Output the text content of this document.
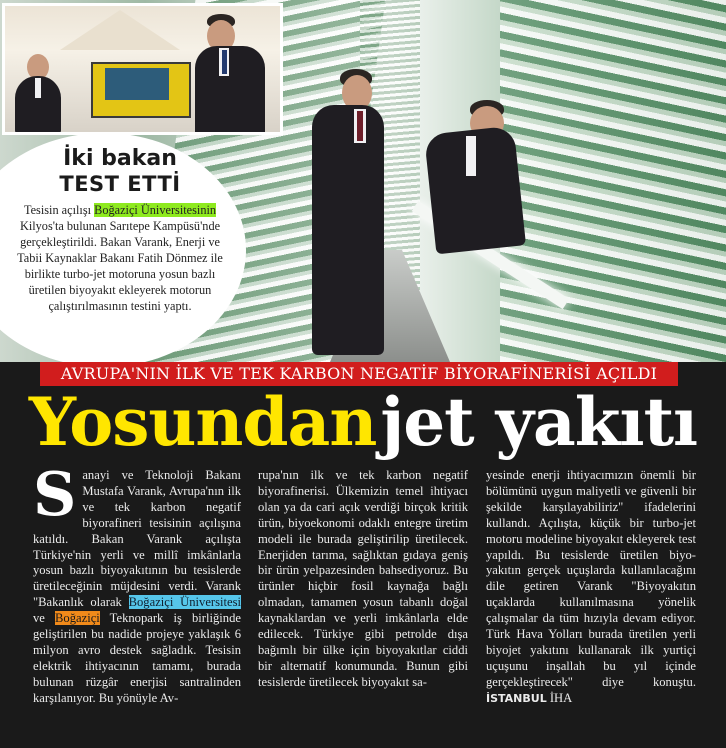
İki bakan
TEST ETTİ
Tesisin açılışı Boğaziçi Üniversitesinin Kilyos'ta bulunan Sarıtepe Kampüsü'nde gerçekleştirildi. Bakan Varank, Enerji ve Tabii Kaynaklar Bakanı Fatih Dönmez ile birlikte turbo-jet motoruna yosun bazlı üretilen biyoyakıt ekleyerek motorun çalıştırılmasının testini yaptı.
AVRUPA'NIN İLK VE TEK KARBON NEGATİF BİYORAFİNERİSİ AÇILDI
Yosundan jet yakıtı

Sanayi ve Teknoloji Bakanı Mustafa Varank, Avrupa'nın ilk ve tek karbon negatif biyorafineri tesisinin açılışına katıldı. Bakan Varank açılışta Türkiye'nin yerli ve millî imkânlarla yosun bazlı biyoyakıtının bu tesislerde üretileceğinin müjdesini verdi. Varank "Bakanlık olarak Boğaziçi Üniversitesi ve Boğaziçi Teknopark iş birliğinde geliştirilen bu nadide projeye yaklaşık 6 milyon avro destek sağladık. Tesisin elektrik ihtiyacının tamamı, burada bulunan rüzgâr enerjisi santralinden karşılanıyor. Bu yönüyle Av-

rupa'nın ilk ve tek karbon negatif biyorafinerisi. Ülkemizin temel ihtiyacı olan ya da cari açık verdiği birçok kritik ürün, biyoekonomi odaklı entegre üretim modeli ile burada geliştirilip üretilecek. Enerjiden tarıma, sağlıktan gıdaya geniş bir ürün yelpazesinden bahsediyoruz. Bu ürünler hiçbir fosil kaynağa bağlı olmadan, tamamen yosun tabanlı doğal kaynaklardan ve yerli imkânlarla elde edilecek. Türkiye gibi petrolde dışa bağımlı bir ülke için biyoyakıtlar ciddi bir alternatif konumunda. Bunun gibi tesislerde üretilecek biyoyakıt sa-

yesinde enerji ihtiyacımızın önemli bir bölümünü uygun maliyetli ve güvenli bir şekilde karşılayabiliriz" ifadelerini kullandı. Açılışta, küçük bir turbo-jet motoru modeline biyoyakıt ekleyerek test yapıldı. Bu tesislerde üretilen biyo-yakıtın gerçek uçuşlarda kullanılacağını dile getiren Varank "Biyoyakıtın uçaklarda kullanılmasına yönelik çalışmalar da tüm hızıyla devam ediyor. Türk Hava Yolları burada üretilen yerli biyojet yakıtını kullanarak ilk yurtiçi uçuşunu inşallah bu yıl içinde gerçekleştirecek" diye konuştu. İSTANBUL İHA
